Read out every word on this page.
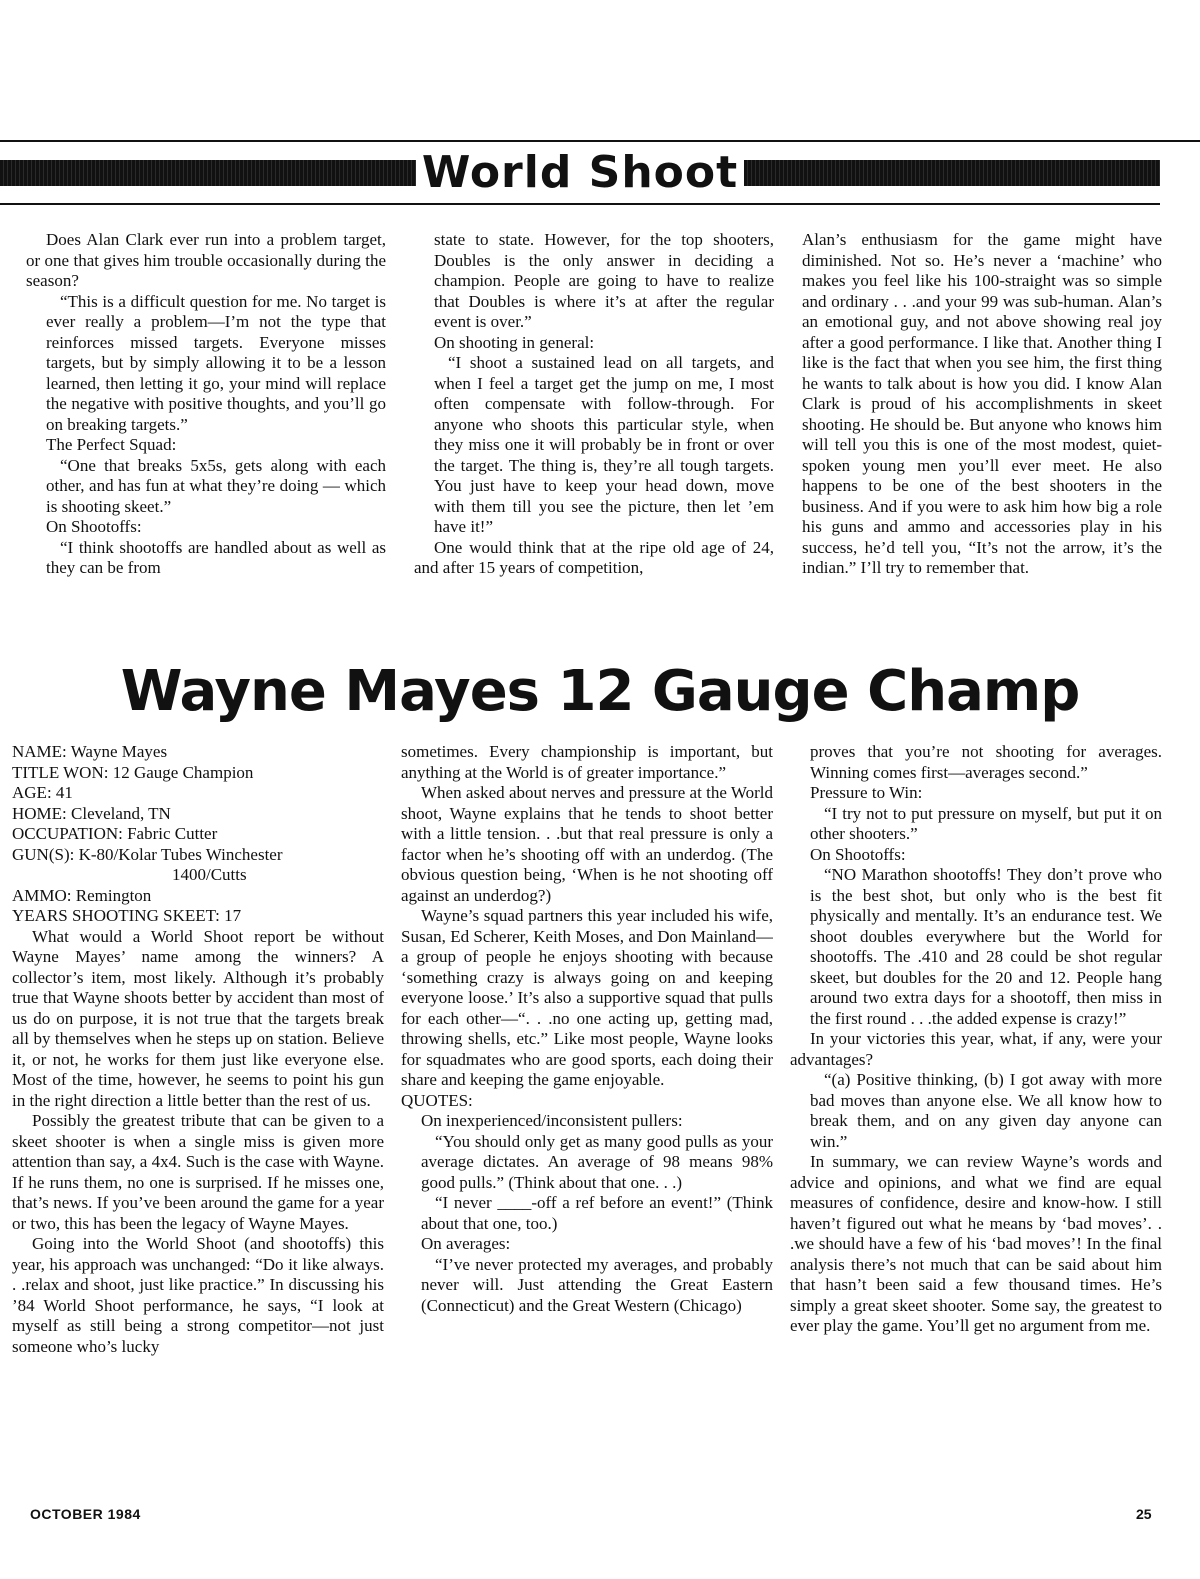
World Shoot

Does Alan Clark ever run into a problem target, or one that gives him trouble occasionally during the season?

“This is a difficult question for me. No target is ever really a problem—I’m not the type that reinforces missed targets. Everyone misses targets, but by simply allowing it to be a lesson learned, then letting it go, your mind will replace the negative with positive thoughts, and you’ll go on breaking targets.”

The Perfect Squad:

“One that breaks 5x5s, gets along with each other, and has fun at what they’re doing — which is shooting skeet.”

On Shootoffs:

“I think shootoffs are handled about as well as they can be from

state to state. However, for the top shooters, Doubles is the only answer in deciding a champion. People are going to have to realize that Doubles is where it’s at after the regular event is over.”

On shooting in general:

“I shoot a sustained lead on all targets, and when I feel a target get the jump on me, I most often compensate with follow-through. For anyone who shoots this particular style, when they miss one it will probably be in front or over the target. The thing is, they’re all tough targets. You just have to keep your head down, move with them till you see the picture, then let ’em have it!”

One would think that at the ripe old age of 24, and after 15 years of competition,

Alan’s enthusiasm for the game might have diminished. Not so. He’s never a ‘machine’ who makes you feel like his 100-straight was so simple and ordinary . . .and your 99 was sub-human. Alan’s an emotional guy, and not above showing real joy after a good performance. I like that. Another thing I like is the fact that when you see him, the first thing he wants to talk about is how you did. I know Alan Clark is proud of his accomplishments in skeet shooting. He should be. But anyone who knows him will tell you this is one of the most modest, quiet-spoken young men you’ll ever meet. He also happens to be one of the best shooters in the business. And if you were to ask him how big a role his guns and ammo and accessories play in his success, he’d tell you, “It’s not the arrow, it’s the indian.” I’ll try to remember that.

Wayne Mayes 12 Gauge Champ

NAME: Wayne Mayes

TITLE WON: 12 Gauge Champion

AGE: 41

HOME: Cleveland, TN

OCCUPATION: Fabric Cutter

GUN(S): K-80/Kolar Tubes Winchester

1400/Cutts

AMMO: Remington

YEARS SHOOTING SKEET: 17

What would a World Shoot report be without Wayne Mayes’ name among the winners? A collector’s item, most likely. Although it’s probably true that Wayne shoots better by accident than most of us do on purpose, it is not true that the targets break all by themselves when he steps up on station. Believe it, or not, he works for them just like everyone else. Most of the time, however, he seems to point his gun in the right direction a little better than the rest of us.

Possibly the greatest tribute that can be given to a skeet shooter is when a single miss is given more attention than say, a 4x4. Such is the case with Wayne. If he runs them, no one is surprised. If he misses one, that’s news. If you’ve been around the game for a year or two, this has been the legacy of Wayne Mayes.

Going into the World Shoot (and shootoffs) this year, his approach was unchanged: “Do it like always. . .relax and shoot, just like practice.” In discussing his ’84 World Shoot performance, he says, “I look at myself as still being a strong competitor—not just someone who’s lucky

sometimes. Every championship is important, but anything at the World is of greater importance.”

When asked about nerves and pressure at the World shoot, Wayne explains that he tends to shoot better with a little tension. . .but that real pressure is only a factor when he’s shooting off with an underdog. (The obvious question being, ‘When is he not shooting off against an underdog?)

Wayne’s squad partners this year included his wife, Susan, Ed Scherer, Keith Moses, and Don Mainland—a group of people he enjoys shooting with because ‘something crazy is always going on and keeping everyone loose.’ It’s also a supportive squad that pulls for each other—“. . .no one acting up, getting mad, throwing shells, etc.” Like most people, Wayne looks for squadmates who are good sports, each doing their share and keeping the game enjoyable.

QUOTES:

On inexperienced/inconsistent pullers:

“You should only get as many good pulls as your average dictates. An average of 98 means 98% good pulls.” (Think about that one. . .)

“I never ____-off a ref before an event!” (Think about that one, too.)

On averages:

“I’ve never protected my averages, and probably never will. Just attending the Great Eastern (Connecticut) and the Great Western (Chicago)

proves that you’re not shooting for averages. Winning comes first—averages second.”

Pressure to Win:

“I try not to put pressure on myself, but put it on other shooters.”

On Shootoffs:

“NO Marathon shootoffs! They don’t prove who is the best shot, but only who is the best fit physically and mentally. It’s an endurance test. We shoot doubles everywhere but the World for shootoffs. The .410 and 28 could be shot regular skeet, but doubles for the 20 and 12. People hang around two extra days for a shootoff, then miss in the first round . . .the added expense is crazy!”

In your victories this year, what, if any, were your advantages?

“(a) Positive thinking, (b) I got away with more bad moves than anyone else. We all know how to break them, and on any given day anyone can win.”

In summary, we can review Wayne’s words and advice and opinions, and what we find are equal measures of confidence, desire and know-how. I still haven’t figured out what he means by ‘bad moves’. . .we should have a few of his ‘bad moves’! In the final analysis there’s not much that can be said about him that hasn’t been said a few thousand times. He’s simply a great skeet shooter. Some say, the greatest to ever play the game. You’ll get no argument from me.

OCTOBER 1984	25
